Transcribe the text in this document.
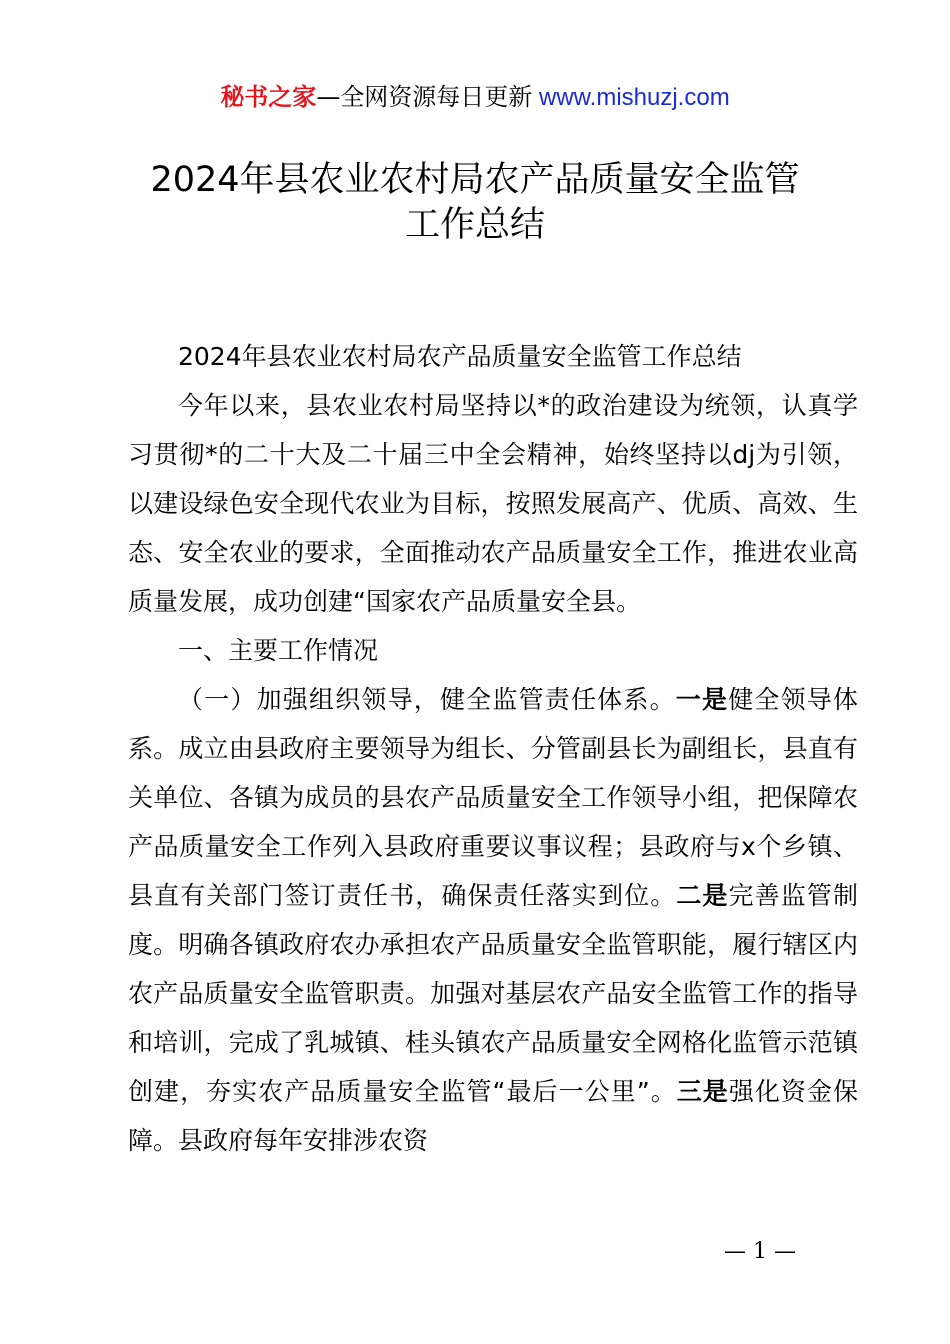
秘书之家—全网资源每日更新 www.mishuzj.com
2024年县农业农村局农产品质量安全监管
工作总结

2024年县农业农村局农产品质量安全监管工作总结

今年以来，县农业农村局坚持以*的政治建设为统领，认真学习贯彻*的二十大及二十届三中全会精神，始终坚持以dj为引领，以建设绿色安全现代农业为目标，按照发展高产、优质、高效、生态、安全农业的要求，全面推动农产品质量安全工作，推进农业高质量发展，成功创建“国家农产品质量安全县。

一、主要工作情况

（一）加强组织领导，健全监管责任体系。一是健全领导体系。成立由县政府主要领导为组长、分管副县长为副组长，县直有关单位、各镇为成员的县农产品质量安全工作领导小组，把保障农产品质量安全工作列入县政府重要议事议程；县政府与x个乡镇、县直有关部门签订责任书，确保责任落实到位。二是完善监管制度。明确各镇政府农办承担农产品质量安全监管职能，履行辖区内农产品质量安全监管职责。加强对基层农产品安全监管工作的指导和培训，完成了乳城镇、桂头镇农产品质量安全网格化监管示范镇创建，夯实农产品质量安全监管“最后一公里”。三是强化资金保障。县政府每年安排涉农资

— 1 —
